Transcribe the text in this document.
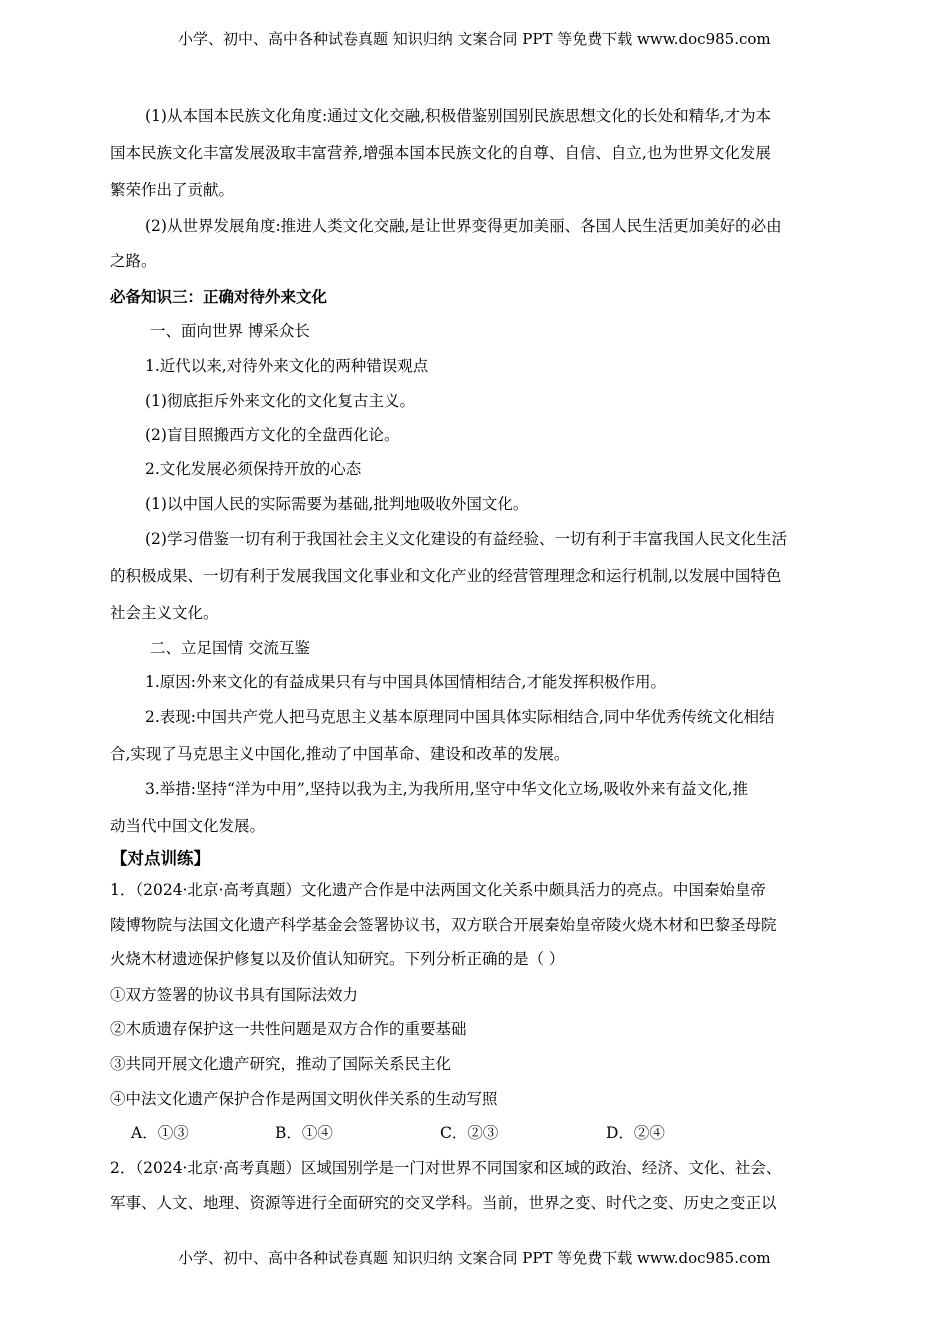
小学、初中、高中各种试卷真题 知识归纳 文案合同 PPT 等免费下载 www.doc985.com
(1)从本国本民族文化角度:通过文化交融,积极借鉴别国别民族思想文化的长处和精华,才为本
国本民族文化丰富发展汲取丰富营养,增强本国本民族文化的自尊、自信、自立,也为世界文化发展
繁荣作出了贡献。
(2)从世界发展角度:推进人类文化交融,是让世界变得更加美丽、各国人民生活更加美好的必由
之路。
必备知识三：正确对待外来文化
一、面向世界 博采众长
1.近代以来,对待外来文化的两种错误观点
(1)彻底拒斥外来文化的文化复古主义。
(2)盲目照搬西方文化的全盘西化论。
2.文化发展必须保持开放的心态
(1)以中国人民的实际需要为基础,批判地吸收外国文化。
(2)学习借鉴一切有利于我国社会主义文化建设的有益经验、一切有利于丰富我国人民文化生活
的积极成果、一切有利于发展我国文化事业和文化产业的经营管理理念和运行机制,以发展中国特色
社会主义文化。
二、立足国情 交流互鉴
1.原因:外来文化的有益成果只有与中国具体国情相结合,才能发挥积极作用。
2.表现:中国共产党人把马克思主义基本原理同中国具体实际相结合,同中华优秀传统文化相结
合,实现了马克思主义中国化,推动了中国革命、建设和改革的发展。
3.举措:坚持“洋为中用”,坚持以我为主,为我所用,坚守中华文化立场,吸收外来有益文化,推
动当代中国文化发展。
【对点训练】
1．（2024·北京·高考真题）文化遗产合作是中法两国文化关系中颇具活力的亮点。中国秦始皇帝
陵博物院与法国文化遗产科学基金会签署协议书，双方联合开展秦始皇帝陵火烧木材和巴黎圣母院
火烧木材遗迹保护修复以及价值认知研究。下列分析正确的是（ ）
①双方签署的协议书具有国际法效力
②木质遗存保护这一共性问题是双方合作的重要基础
③共同开展文化遗产研究，推动了国际关系民主化
④中法文化遗产保护合作是两国文明伙伴关系的生动写照
A．①③	B．①④	C．②③	D．②④
2．（2024·北京·高考真题）区域国别学是一门对世界不同国家和区域的政治、经济、文化、社会、
军事、人文、地理、资源等进行全面研究的交叉学科。当前，世界之变、时代之变、历史之变正以
小学、初中、高中各种试卷真题 知识归纳 文案合同 PPT 等免费下载 www.doc985.com
